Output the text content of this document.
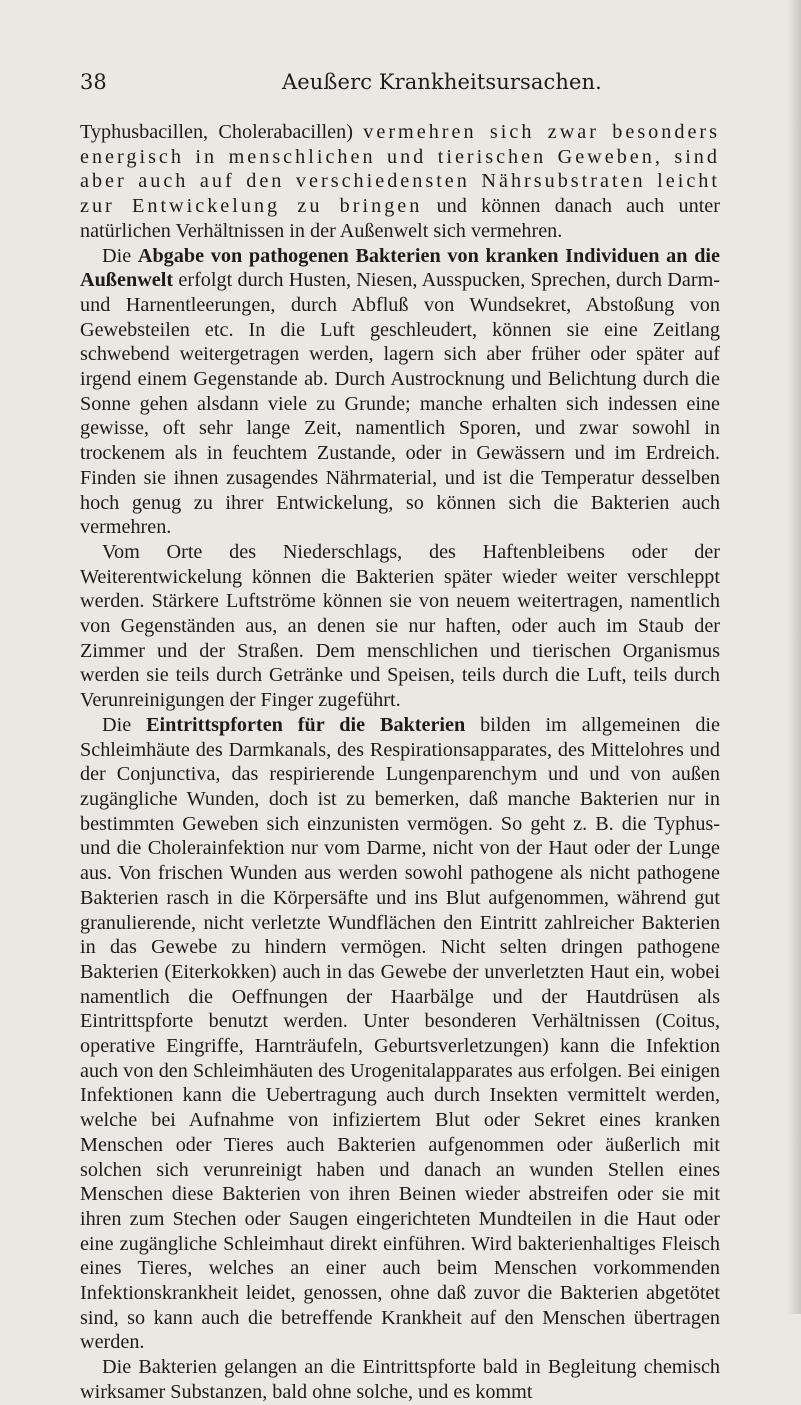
38	Aeußerc Krankheitsursachen.

Typhusbacillen, Cholerabacillen) vermehren sich zwar besonders energisch in menschlichen und tierischen Geweben, sind aber auch auf den verschiedensten Nährsubstraten leicht zur Entwickelung zu bringen und können danach auch unter natürlichen Verhältnissen in der Außenwelt sich vermehren.

Die Abgabe von pathogenen Bakterien von kranken Individuen an die Außenwelt erfolgt durch Husten, Niesen, Ausspucken, Sprechen, durch Darm- und Harnentleerungen, durch Abfluß von Wundsekret, Abstoßung von Gewebsteilen etc. In die Luft geschleudert, können sie eine Zeitlang schwebend weitergetragen werden, lagern sich aber früher oder später auf irgend einem Gegenstande ab. Durch Austrocknung und Belichtung durch die Sonne gehen alsdann viele zu Grunde; manche erhalten sich indessen eine gewisse, oft sehr lange Zeit, namentlich Sporen, und zwar sowohl in trockenem als in feuchtem Zustande, oder in Gewässern und im Erdreich. Finden sie ihnen zusagendes Nährmaterial, und ist die Temperatur desselben hoch genug zu ihrer Entwickelung, so können sich die Bakterien auch vermehren.

Vom Orte des Niederschlags, des Haftenbleibens oder der Weiterentwickelung können die Bakterien später wieder weiter verschleppt werden. Stärkere Luftströme können sie von neuem weitertragen, namentlich von Gegenständen aus, an denen sie nur haften, oder auch im Staub der Zimmer und der Straßen. Dem menschlichen und tierischen Organismus werden sie teils durch Getränke und Speisen, teils durch die Luft, teils durch Verunreinigungen der Finger zugeführt.

Die Eintrittspforten für die Bakterien bilden im allgemeinen die Schleimhäute des Darmkanals, des Respirationsapparates, des Mittelohres und der Conjunctiva, das respirierende Lungenparenchym und und von außen zugängliche Wunden, doch ist zu bemerken, daß manche Bakterien nur in bestimmten Geweben sich einzunisten vermögen. So geht z. B. die Typhus- und die Cholerainfektion nur vom Darme, nicht von der Haut oder der Lunge aus. Von frischen Wunden aus werden sowohl pathogene als nicht pathogene Bakterien rasch in die Körpersäfte und ins Blut aufgenommen, während gut granulierende, nicht verletzte Wundflächen den Eintritt zahlreicher Bakterien in das Gewebe zu hindern vermögen. Nicht selten dringen pathogene Bakterien (Eiterkokken) auch in das Gewebe der unverletzten Haut ein, wobei namentlich die Oeffnungen der Haarbälge und der Hautdrüsen als Eintrittspforte benutzt werden. Unter besonderen Verhältnissen (Coitus, operative Eingriffe, Harnträufeln, Geburtsverletzungen) kann die Infektion auch von den Schleimhäuten des Urogenitalapparates aus erfolgen. Bei einigen Infektionen kann die Uebertragung auch durch Insekten vermittelt werden, welche bei Aufnahme von infiziertem Blut oder Sekret eines kranken Menschen oder Tieres auch Bakterien aufgenommen oder äußerlich mit solchen sich verunreinigt haben und danach an wunden Stellen eines Menschen diese Bakterien von ihren Beinen wieder abstreifen oder sie mit ihren zum Stechen oder Saugen eingerichteten Mundteilen in die Haut oder eine zugängliche Schleimhaut direkt einführen. Wird bakterienhaltiges Fleisch eines Tieres, welches an einer auch beim Menschen vorkommenden Infektionskrankheit leidet, genossen, ohne daß zuvor die Bakterien abgetötet sind, so kann auch die betreffende Krankheit auf den Menschen übertragen werden.

Die Bakterien gelangen an die Eintrittspforte bald in Begleitung chemisch wirksamer Substanzen, bald ohne solche, und es kommt
